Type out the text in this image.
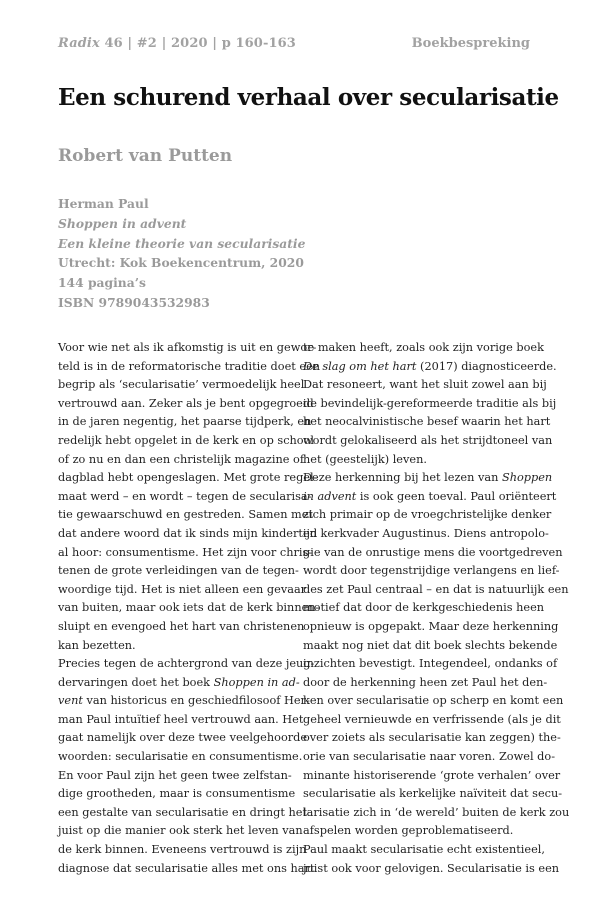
Radix 46 | #2 | 2020 | p 160-163	Boekbespreking
Een schurend verhaal over secularisatie
Robert van Putten
Herman Paul
Shoppen in advent
Een kleine theorie van secularisatie
Utrecht: Kok Boekencentrum, 2020
144 pagina’s
ISBN 9789043532983

Voor wie net als ik afkomstig is uit en gewor-
teld is in de reformatorische traditie doet een
begrip als ‘secularisatie’ vermoedelijk heel
vertrouwd aan. Zeker als je bent opgegroeid
in de jaren negentig, het paarse tijdperk, en
redelijk hebt opgelet in de kerk en op school
of zo nu en dan een christelijk magazine of
dagblad hebt opengeslagen. Met grote regel-
maat werd – en wordt – tegen de secularisa-
tie gewaarschuwd en gestreden. Samen met
dat andere woord dat ik sinds mijn kindertijd
al hoor: consumentisme. Het zijn voor chris-
tenen de grote verleidingen van de tegen-
woordige tijd. Het is niet alleen een gevaar
van buiten, maar ook iets dat de kerk binnen-
sluipt en evengoed het hart van christenen
kan bezetten.

Precies tegen de achtergrond van deze jeug-
dervaringen doet het boek Shoppen in ad-
vent van historicus en geschiedfilosoof Her-
man Paul intuïtief heel vertrouwd aan. Het
gaat namelijk over deze twee veelgehoorde
woorden: secularisatie en consumentisme.
En voor Paul zijn het geen twee zelfstan-
dige grootheden, maar is consumentisme
een gestalte van secularisatie en dringt het
juist op die manier ook sterk het leven van
de kerk binnen. Eveneens vertrouwd is zijn
diagnose dat secularisatie alles met ons hart

te maken heeft, zoals ook zijn vorige boek
De slag om het hart (2017) diagnosticeerde.
Dat resoneert, want het sluit zowel aan bij
de bevindelijk-gereformeerde traditie als bij
het neocalvinistische besef waarin het hart
wordt gelokaliseerd als het strijdtoneel van
het (geestelijk) leven.

Deze herkenning bij het lezen van Shoppen
in advent is ook geen toeval. Paul oriënteert
zich primair op de vroegchristelijke denker
en kerkvader Augustinus. Diens antropolo-
gie van de onrustige mens die voortgedreven
wordt door tegenstrijdige verlangens en lief-
des zet Paul centraal – en dat is natuurlijk een
motief dat door de kerkgeschiedenis heen
opnieuw is opgepakt. Maar deze herkenning
maakt nog niet dat dit boek slechts bekende
inzichten bevestigt. Integendeel, ondanks of
door de herkenning heen zet Paul het den-
ken over secularisatie op scherp en komt een
geheel vernieuwde en verfrissende (als je dit
over zoiets als secularisatie kan zeggen) the-
orie van secularisatie naar voren. Zowel do-
minante historiserende ‘grote verhalen’ over
secularisatie als kerkelijke naïviteit dat secu-
larisatie zich in ‘de wereld’ buiten de kerk zou
afspelen worden geproblematiseerd.

Paul maakt secularisatie echt existentieel,
juist ook voor gelovigen. Secularisatie is een
